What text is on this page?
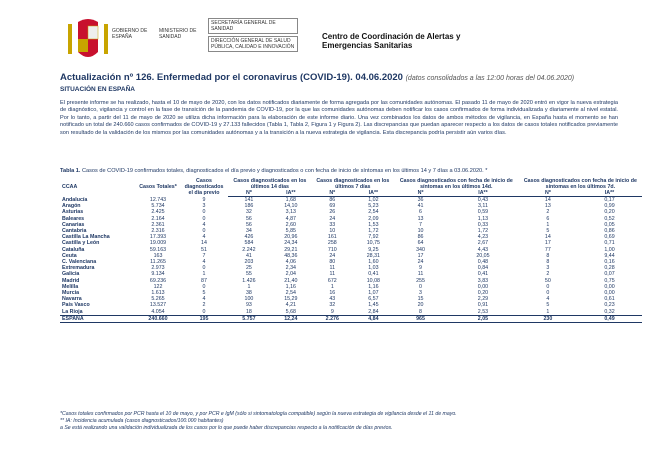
GOBIERNO DE ESPAÑA
MINISTERIO DE SANIDAD
SECRETARÍA GENERAL DE SANIDAD
DIRECCIÓN GENERAL DE SALUD PÚBLICA, CALIDAD E INNOVACIÓN
Centro de Coordinación de Alertas y Emergencias Sanitarias
Actualización nº 126. Enfermedad por el coronavirus (COVID-19). 04.06.2020 (datos consolidados a las 12:00 horas del 04.06.2020)
SITUACIÓN EN ESPAÑA
El presente informe se ha realizado, hasta el 10 de mayo de 2020, con los datos notificados diariamente de forma agregada por las comunidades autónomas. El pasado 11 de mayo de 2020 entró en vigor la nueva estrategia de diagnóstico, vigilancia y control en la fase de transición de la pandemia de COVID-19, por la que las comunidades autónomas deben notificar los casos confirmados de forma individualizada y diariamente al nivel estatal. Por lo tanto, a partir del 11 de mayo de 2020 se utiliza dicha información para la elaboración de este informe diario. Una vez combinados los datos de ambos métodos de vigilancia, en España hasta el momento se han notificado un total de 240.660 casos confirmados de COVID-19 y 27.133 fallecidos (Tabla 1, Tabla 2, Figura 1 y Figura 2). Las discrepancias que puedan aparecer respecto a los datos de casos totales notificados previamente son resultado de la validación de los mismos por las comunidades autónomas y a la transición a la nueva estrategia de vigilancia. Esta discrepancia podría persistir aún varios días.
Tabla 1. Casos de COVID-19 confirmados totales, diagnosticados el día previo y diagnosticados o con fecha de inicio de síntomas en los últimos 14 y 7 días a 03.06.2020. *
CCAA	Casos Totales*	Casos diagnosticados el día previo	Casos diagnosticados en los últimos 14 días		Casos diagnosticados en los últimos 7 días		Casos diagnosticados con fecha de inicio de síntomas en los últimos 14d.		Casos diagnosticados con fecha de inicio de síntomas en los últimos 7d.	
			Nº	IA**	Nº	IA**	Nº	IA**	Nº	IA**
Andalucía	12.743	9	141	1,68	86	1,02	36	0,43	14	0,17
Aragón	5.734	3	186	14,10	69	5,23	41	3,11	13	0,99
Asturias	2.425	0	32	3,13	26	2,54	6	0,59	2	0,20
Baleares	2.164	0	56	4,87	24	2,09	13	1,13	6	0,52
Canarias	2.361	4	56	2,60	33	1,53	7	0,33	1	0,05
Cantabria	2.316	0	34	5,85	10	1,72	10	1,72	5	0,86
Castilla La Mancha	17.393	4	426	20,96	161	7,92	86	4,23	14	0,69
Castilla y León	19.009	14	584	24,34	258	10,75	64	2,67	17	0,71
Cataluña	59.163	51	2.242	29,21	710	9,25	340	4,43	77	1,00
Ceuta	163	7	41	48,36	24	28,31	17	20,05	8	9,44
C. Valenciana	11.265	4	203	4,06	80	1,60	24	0,48	8	0,16
Extremadura	2.973	0	25	2,34	11	1,03	9	0,84	3	0,28
Galicia	9.134	1	55	2,04	11	0,41	11	0,41	2	0,07
Madrid	69.236	87	1.426	21,40	672	10,08	255	3,83	50	0,75
Melilla	122	0	1	1,16	1	1,16	0	0,00	0	0,00
Murcia	1.613	5	38	2,54	16	1,07	3	0,20	0	0,00
Navarra	5.265	4	100	15,29	43	6,57	15	2,29	4	0,61
País Vasco	13.527	2	93	4,21	32	1,45	20	0,91	5	0,23
La Rioja	4.054	0	18	5,68	9	2,84	8	2,53	1	0,32
ESPAÑA	240.660	195	5.757	12,24	2.276	4,84	965	2,05	230	0,49
*Casos totales confirmados por PCR hasta el 10 de mayo, y por PCR e IgM (sólo si sintomatología compatible) según la nueva estrategia de vigilancia desde el 11 de mayo.
** IA: Incidencia acumulada (casos diagnosticados/100.000 habitantes)
a Se está realizando una validación individualizada de los casos por lo que puede haber discrepancias respecto a la notificación de días previos.
